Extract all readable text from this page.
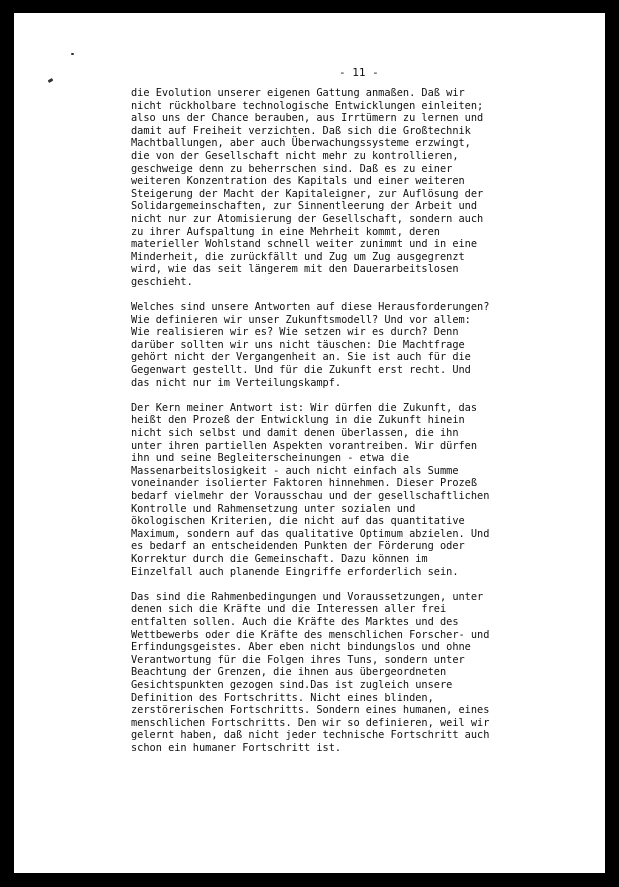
- 11 -

die Evolution unserer eigenen Gattung anmaßen. Daß wir
nicht rückholbare technologische Entwicklungen einleiten;
also uns der Chance berauben, aus Irrtümern zu lernen und
damit auf Freiheit verzichten. Daß sich die Großtechnik
Machtballungen, aber auch Überwachungssysteme erzwingt,
die von der Gesellschaft nicht mehr zu kontrollieren,
geschweige denn zu beherrschen sind. Daß es zu einer
weiteren Konzentration des Kapitals und einer weiteren
Steigerung der Macht der Kapitaleigner, zur Auflösung der
Solidargemeinschaften, zur Sinnentleerung der Arbeit und
nicht nur zur Atomisierung der Gesellschaft, sondern auch
zu ihrer Aufspaltung in eine Mehrheit kommt, deren
materieller Wohlstand schnell weiter zunimmt und in eine
Minderheit, die zurückfällt und Zug um Zug ausgegrenzt
wird, wie das seit längerem mit den Dauerarbeitslosen
geschieht.

Welches sind unsere Antworten auf diese Herausforderungen?
Wie definieren wir unser Zukunftsmodell? Und vor allem:
Wie realisieren wir es? Wie setzen wir es durch? Denn
darüber sollten wir uns nicht täuschen: Die Machtfrage
gehört nicht der Vergangenheit an. Sie ist auch für die
Gegenwart gestellt. Und für die Zukunft erst recht. Und
das nicht nur im Verteilungskampf.

Der Kern meiner Antwort ist: Wir dürfen die Zukunft, das
heißt den Prozeß der Entwicklung in die Zukunft hinein
nicht sich selbst und damit denen überlassen, die ihn
unter ihren partiellen Aspekten vorantreiben. Wir dürfen
ihn und seine Begleiterscheinungen - etwa die
Massenarbeitslosigkeit - auch nicht einfach als Summe
voneinander isolierter Faktoren hinnehmen. Dieser Prozeß
bedarf vielmehr der Vorausschau und der gesellschaftlichen
Kontrolle und Rahmensetzung unter sozialen und
ökologischen Kriterien, die nicht auf das quantitative
Maximum, sondern auf das qualitative Optimum abzielen. Und
es bedarf an entscheidenden Punkten der Förderung oder
Korrektur durch die Gemeinschaft. Dazu können im
Einzelfall auch planende Eingriffe erforderlich sein.

Das sind die Rahmenbedingungen und Voraussetzungen, unter
denen sich die Kräfte und die Interessen aller frei
entfalten sollen. Auch die Kräfte des Marktes und des
Wettbewerbs oder die Kräfte des menschlichen Forscher- und
Erfindungsgeistes. Aber eben nicht bindungslos und ohne
Verantwortung für die Folgen ihres Tuns, sondern unter
Beachtung der Grenzen, die ihnen aus übergeordneten
Gesichtspunkten gezogen sind.Das ist zugleich unsere
Definition des Fortschritts. Nicht eines blinden,
zerstörerischen Fortschritts. Sondern eines humanen, eines
menschlichen Fortschritts. Den wir so definieren, weil wir
gelernt haben, daß nicht jeder technische Fortschritt auch
schon ein humaner Fortschritt ist.
